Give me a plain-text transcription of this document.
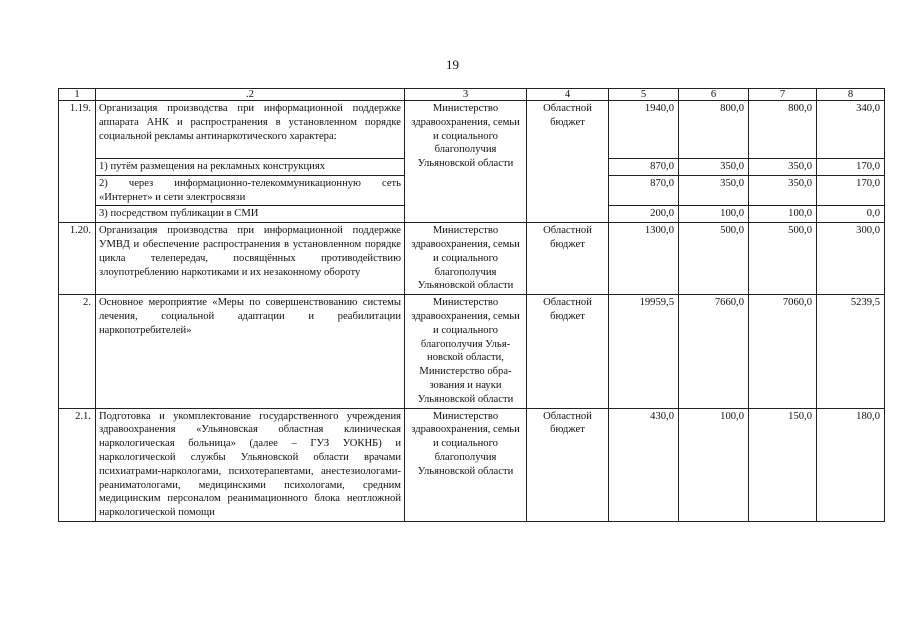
19
1	.2	3	4	5	6	7	8
1.19.	Организация производства при информационной поддержке аппарата АНК и распространения в установленном порядке социальной рекламы антинаркотического характера:	Министерство здравоохранения, семьи и социального благополучия Ульяновской области	Областной бюджет	1940,0	800,0	800,0	340,0
	1) путём размещения на рекламных конструкциях			870,0	350,0	350,0	170,0
	2) через информационно-телекоммуникационную сеть «Интернет» и сети электросвязи			870,0	350,0	350,0	170,0
	3) посредством публикации в СМИ			200,0	100,0	100,0	0,0
1.20.	Организация производства при информационной поддержке УМВД и обеспечение распространения в установленном порядке цикла телепередач, посвящённых противодействию злоупотреблению наркотиками и их незаконному обороту	Министерство здравоохранения, семьи и социального благополучия Ульяновской области	Областной бюджет	1300,0	500,0	500,0	300,0
2.	Основное мероприятие «Меры по совершенствованию системы лечения, социальной адаптации и реабилитации наркопотребителей»	Министерство здравоохранения, семьи и социального благополучия Ульяновской области, Министерство образования и науки Ульяновской области	Областной бюджет	19959,5	7660,0	7060,0	5239,5
2.1.	Подготовка и укомплектование государственного учреждения здравоохранения «Ульяновская областная клиническая наркологическая больница» (далее – ГУЗ УОКНБ) и наркологической службы Ульяновской области врачами психиатрами-наркологами, психотерапевтами, анестезиологами-реаниматологами, медицинскими психологами, средним медицинским персоналом реанимационного блока неотложной наркологической помощи	Министерство здравоохранения, семьи и социального благополучия Ульяновской области	Областной бюджет	430,0	100,0	150,0	180,0
